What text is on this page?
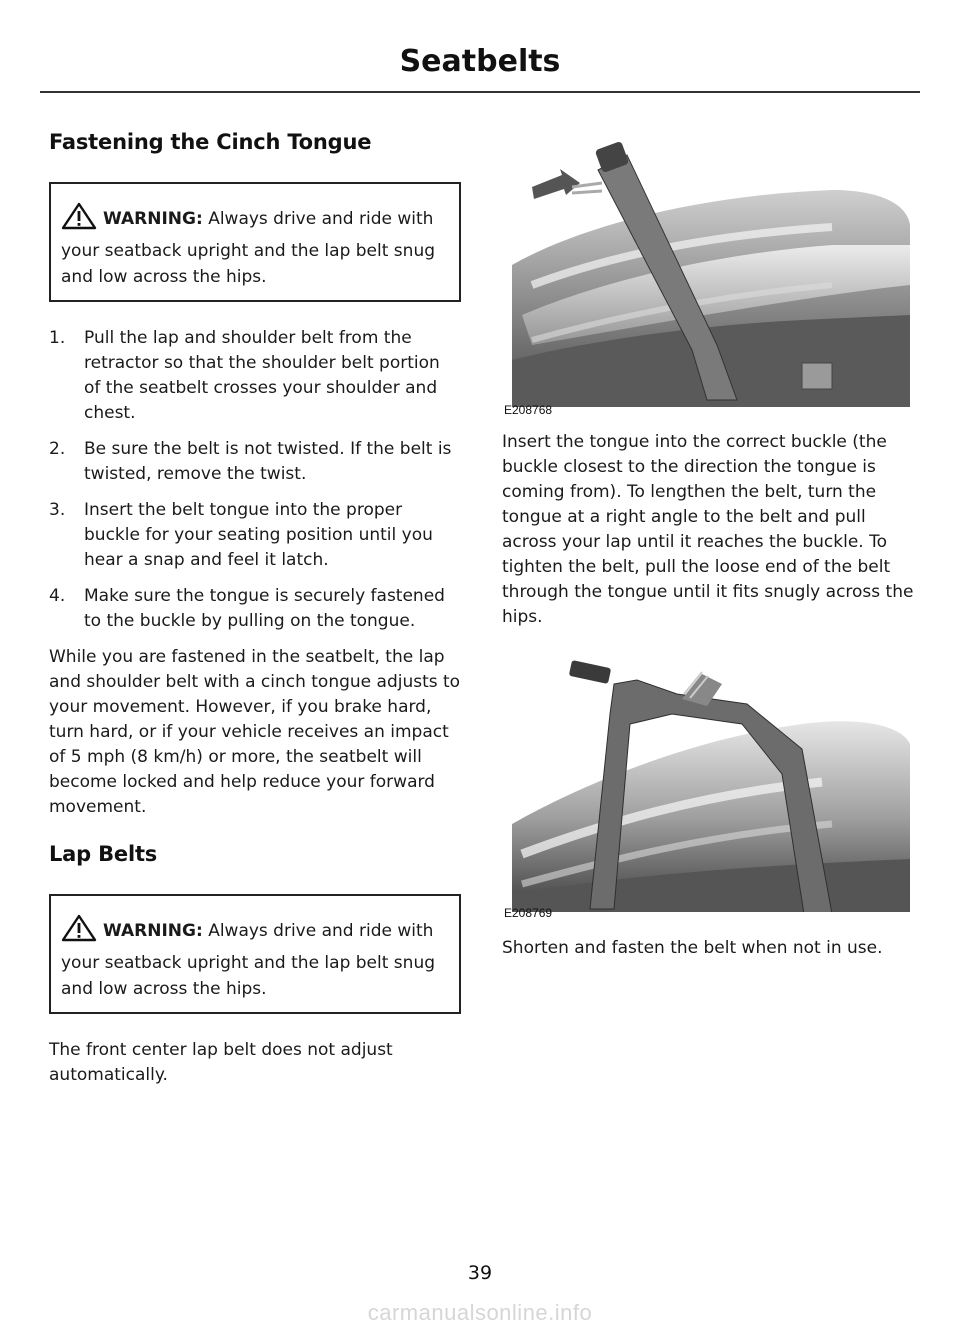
Seatbelts
Fastening the Cinch Tongue
WARNING: Always drive and ride with your seatback upright and the lap belt snug and low across the hips.
1. Pull the lap and shoulder belt from the retractor so that the shoulder belt portion of the seatbelt crosses your shoulder and chest.
2. Be sure the belt is not twisted. If the belt is twisted, remove the twist.
3. Insert the belt tongue into the proper buckle for your seating position until you hear a snap and feel it latch.
4. Make sure the tongue is securely fastened to the buckle by pulling on the tongue.

While you are fastened in the seatbelt, the lap and shoulder belt with a cinch tongue adjusts to your movement. However, if you brake hard, turn hard, or if your vehicle receives an impact of 5 mph (8 km/h) or more, the seatbelt will become locked and help reduce your forward movement.

Lap Belts
WARNING: Always drive and ride with your seatback upright and the lap belt snug and low across the hips.

The front center lap belt does not adjust automatically.

E208768

Insert the tongue into the correct buckle (the buckle closest to the direction the tongue is coming from). To lengthen the belt, turn the tongue at a right angle to the belt and pull across your lap until it reaches the buckle. To tighten the belt, pull the loose end of the belt through the tongue until it fits snugly across the hips.

E208769

Shorten and fasten the belt when not in use.

39
carmanualsonline.info
